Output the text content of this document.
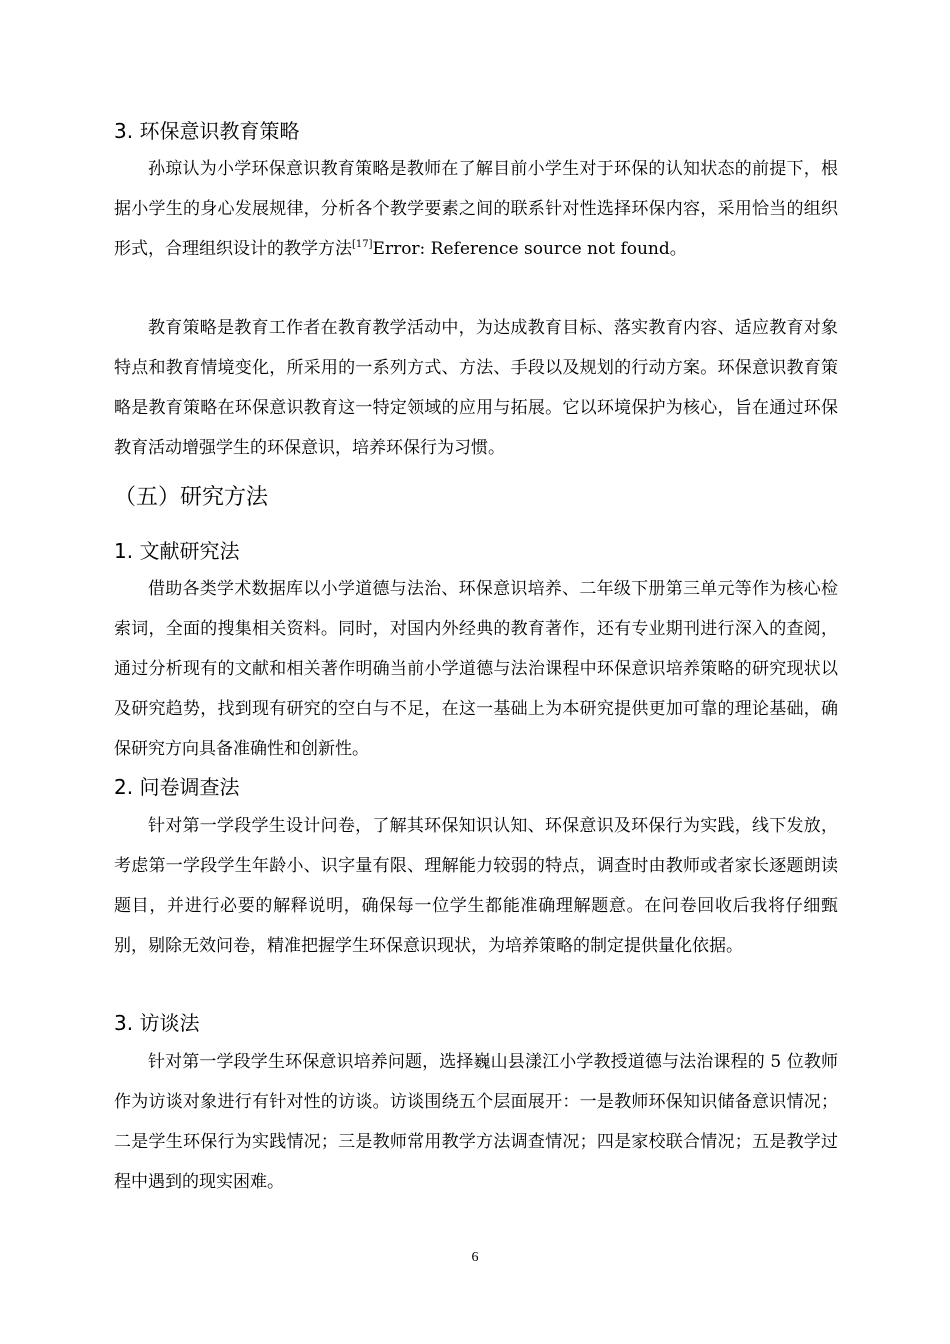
3. 环保意识教育策略

孙琼认为小学环保意识教育策略是教师在了解目前小学生对于环保的认知状态的前提下，根据小学生的身心发展规律，分析各个教学要素之间的联系针对性选择环保内容，采用恰当的组织形式，合理组织设计的教学方法[17]Error: Reference source not found。

教育策略是教育工作者在教育教学活动中，为达成教育目标、落实教育内容、适应教育对象特点和教育情境变化，所采用的一系列方式、方法、手段以及规划的行动方案。环保意识教育策略是教育策略在环保意识教育这一特定领域的应用与拓展。它以环境保护为核心，旨在通过环保教育活动增强学生的环保意识，培养环保行为习惯。

（五）研究方法
1. 文献研究法

借助各类学术数据库以小学道德与法治、环保意识培养、二年级下册第三单元等作为核心检索词，全面的搜集相关资料。同时，对国内外经典的教育著作，还有专业期刊进行深入的查阅，通过分析现有的文献和相关著作明确当前小学道德与法治课程中环保意识培养策略的研究现状以及研究趋势，找到现有研究的空白与不足，在这一基础上为本研究提供更加可靠的理论基础，确保研究方向具备准确性和创新性。

2. 问卷调查法

针对第一学段学生设计问卷，了解其环保知识认知、环保意识及环保行为实践，线下发放，考虑第一学段学生年龄小、识字量有限、理解能力较弱的特点，调查时由教师或者家长逐题朗读题目，并进行必要的解释说明，确保每一位学生都能准确理解题意。在问卷回收后我将仔细甄别，剔除无效问卷，精准把握学生环保意识现状，为培养策略的制定提供量化依据。

3. 访谈法

针对第一学段学生环保意识培养问题，选择巍山县漾江小学教授道德与法治课程的 5 位教师作为访谈对象进行有针对性的访谈。访谈围绕五个层面展开：一是教师环保知识储备意识情况；二是学生环保行为实践情况；三是教师常用教学方法调查情况；四是家校联合情况；五是教学过程中遇到的现实困难。

6
